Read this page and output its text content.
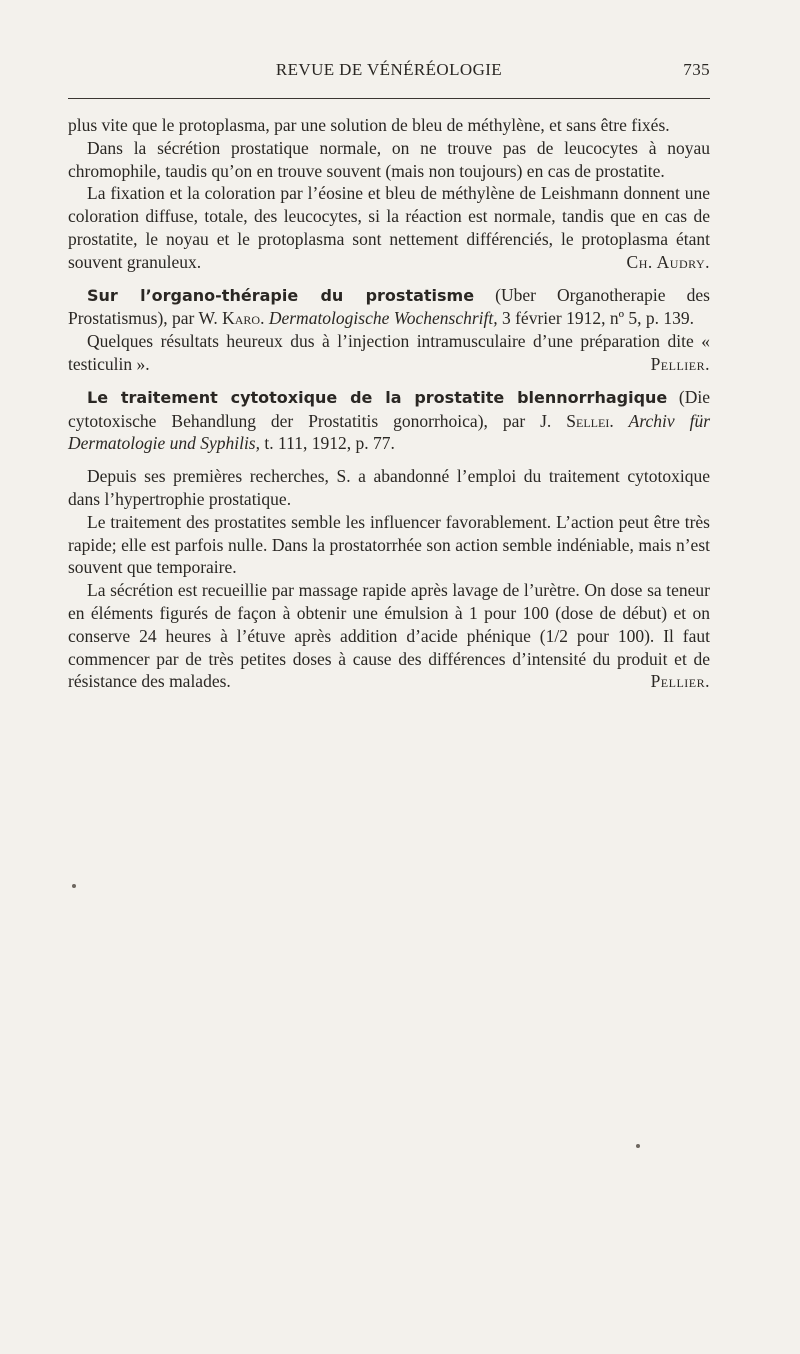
REVUE DE VÉNÉRÉOLOGIE	735

plus vite que le protoplasma, par une solution de bleu de méthylène, et sans être fixés.

Dans la sécrétion prostatique normale, on ne trouve pas de leucocytes à noyau chromophile, taudis qu’on en trouve souvent (mais non toujours) en cas de prostatite.

La fixation et la coloration par l’éosine et bleu de méthylène de Leishmann donnent une coloration diffuse, totale, des leucocytes, si la réaction est normale, tandis que en cas de prostatite, le noyau et le protoplasma sont nettement différenciés, le protoplasma étant souvent granuleux.	Ch. Audry.

Sur l’organo-thérapie du prostatisme (Uber Organotherapie des Prostatismus), par W. Karo. Dermatologische Wochenschrift, 3 février 1912, nº 5, p. 139.

Quelques résultats heureux dus à l’injection intramusculaire d’une préparation dite « testiculin ».	Pellier.

Le traitement cytotoxique de la prostatite blennorrhagique (Die cytotoxische Behandlung der Prostatitis gonorrhoica), par J. Sellei. Archiv für Dermatologie und Syphilis, t. 111, 1912, p. 77.

Depuis ses premières recherches, S. a abandonné l’emploi du traitement cytotoxique dans l’hypertrophie prostatique.

Le traitement des prostatites semble les influencer favorablement. L’action peut être très rapide; elle est parfois nulle. Dans la prostatorrhée son action semble indéniable, mais n’est souvent que temporaire.

La sécrétion est recueillie par massage rapide après lavage de l’urètre. On dose sa teneur en éléments figurés de façon à obtenir une émulsion à 1 pour 100 (dose de début) et on conserve 24 heures à l’étuve après addition d’acide phénique (1/2 pour 100). Il faut commencer par de très petites doses à cause des différences d’intensité du produit et de résistance des malades.	Pellier.
